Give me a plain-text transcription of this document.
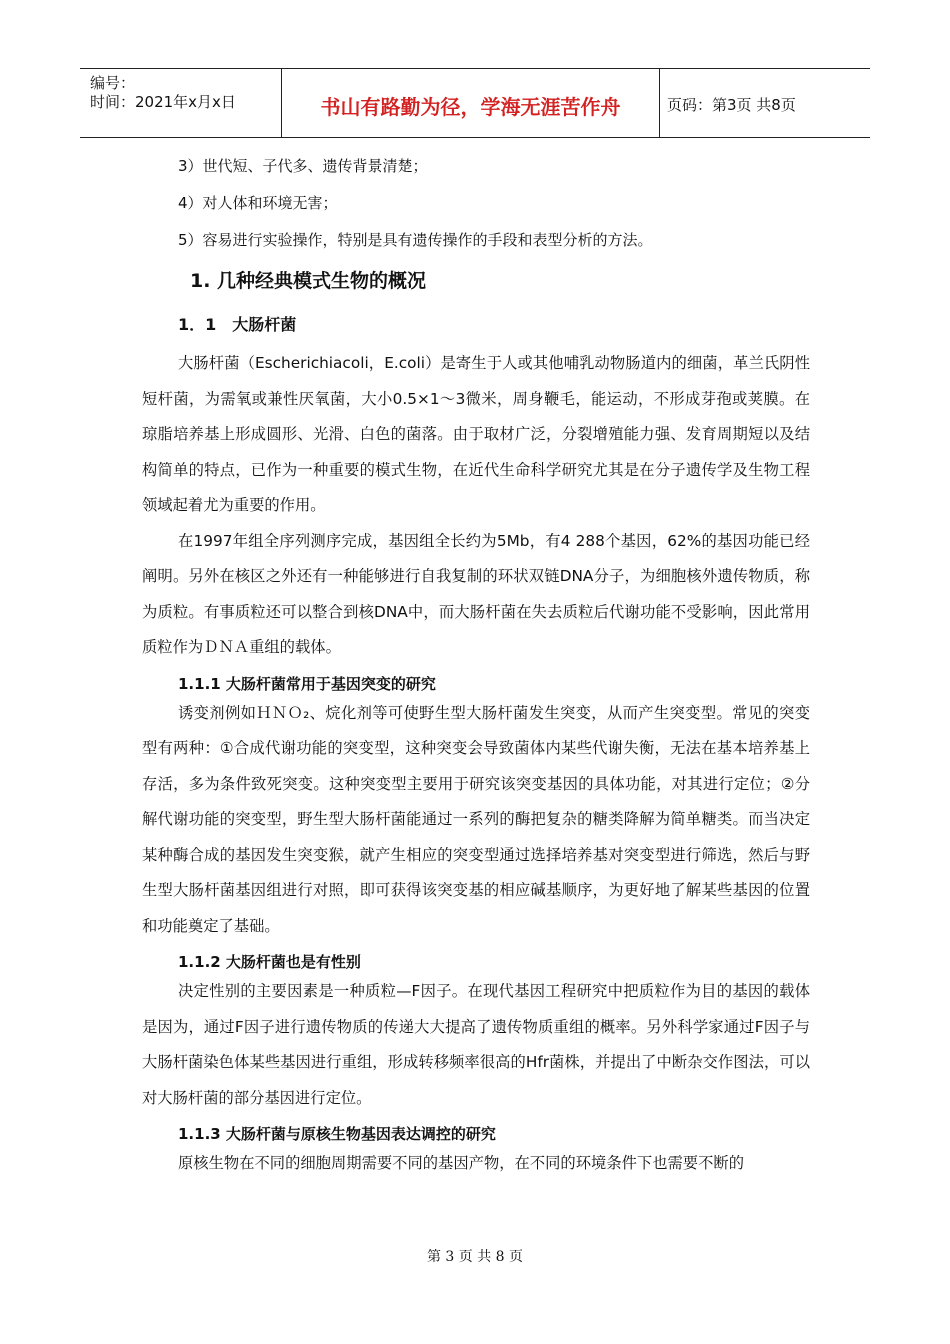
编号：
时间：2021年x月x日	书山有路勤为径，学海无涯苦作舟	页码：第3页 共8页

3）世代短、子代多、遗传背景清楚；

4）对人体和环境无害；

5）容易进行实验操作，特别是具有遗传操作的手段和表型分析的方法。

1. 几种经典模式生物的概况

1．1　大肠杆菌

大肠杆菌（Escherichiacoli，E.coli）是寄生于人或其他哺乳动物肠道内的细菌，革兰氏阴性短杆菌，为需氧或兼性厌氧菌，大小0.5×1～3微米，周身鞭毛，能运动，不形成芽孢或荚膜。在琼脂培养基上形成圆形、光滑、白色的菌落。由于取材广泛，分裂增殖能力强、发育周期短以及结构简单的特点，已作为一种重要的模式生物，在近代生命科学研究尤其是在分子遗传学及生物工程领域起着尤为重要的作用。

在1997年组全序列测序完成，基因组全长约为5Mb，有4 288个基因，62%的基因功能已经阐明。另外在核区之外还有一种能够进行自我复制的环状双链DNA分子，为细胞核外遗传物质，称为质粒。有事质粒还可以整合到核DNA中，而大肠杆菌在失去质粒后代谢功能不受影响，因此常用质粒作为ＤＮＡ重组的载体。

1.1.1 大肠杆菌常用于基因突变的研究

诱变剂例如ＨＮＯ₂、烷化剂等可使野生型大肠杆菌发生突变，从而产生突变型。常见的突变型有两种：①合成代谢功能的突变型，这种突变会导致菌体内某些代谢失衡，无法在基本培养基上存活，多为条件致死突变。这种突变型主要用于研究该突变基因的具体功能，对其进行定位；②分解代谢功能的突变型，野生型大肠杆菌能通过一系列的酶把复杂的糖类降解为简单糖类。而当决定某种酶合成的基因发生突变猴，就产生相应的突变型通过选择培养基对突变型进行筛选，然后与野生型大肠杆菌基因组进行对照，即可获得该突变基的相应碱基顺序，为更好地了解某些基因的位置和功能奠定了基础。

1.1.2 大肠杆菌也是有性别

决定性别的主要因素是一种质粒—F因子。在现代基因工程研究中把质粒作为目的基因的载体是因为，通过F因子进行遗传物质的传递大大提高了遗传物质重组的概率。另外科学家通过F因子与大肠杆菌染色体某些基因进行重组，形成转移频率很高的Hfr菌株，并提出了中断杂交作图法，可以对大肠杆菌的部分基因进行定位。

1.1.3 大肠杆菌与原核生物基因表达调控的研究

原核生物在不同的细胞周期需要不同的基因产物，在不同的环境条件下也需要不断的

第 3 页 共 8 页
